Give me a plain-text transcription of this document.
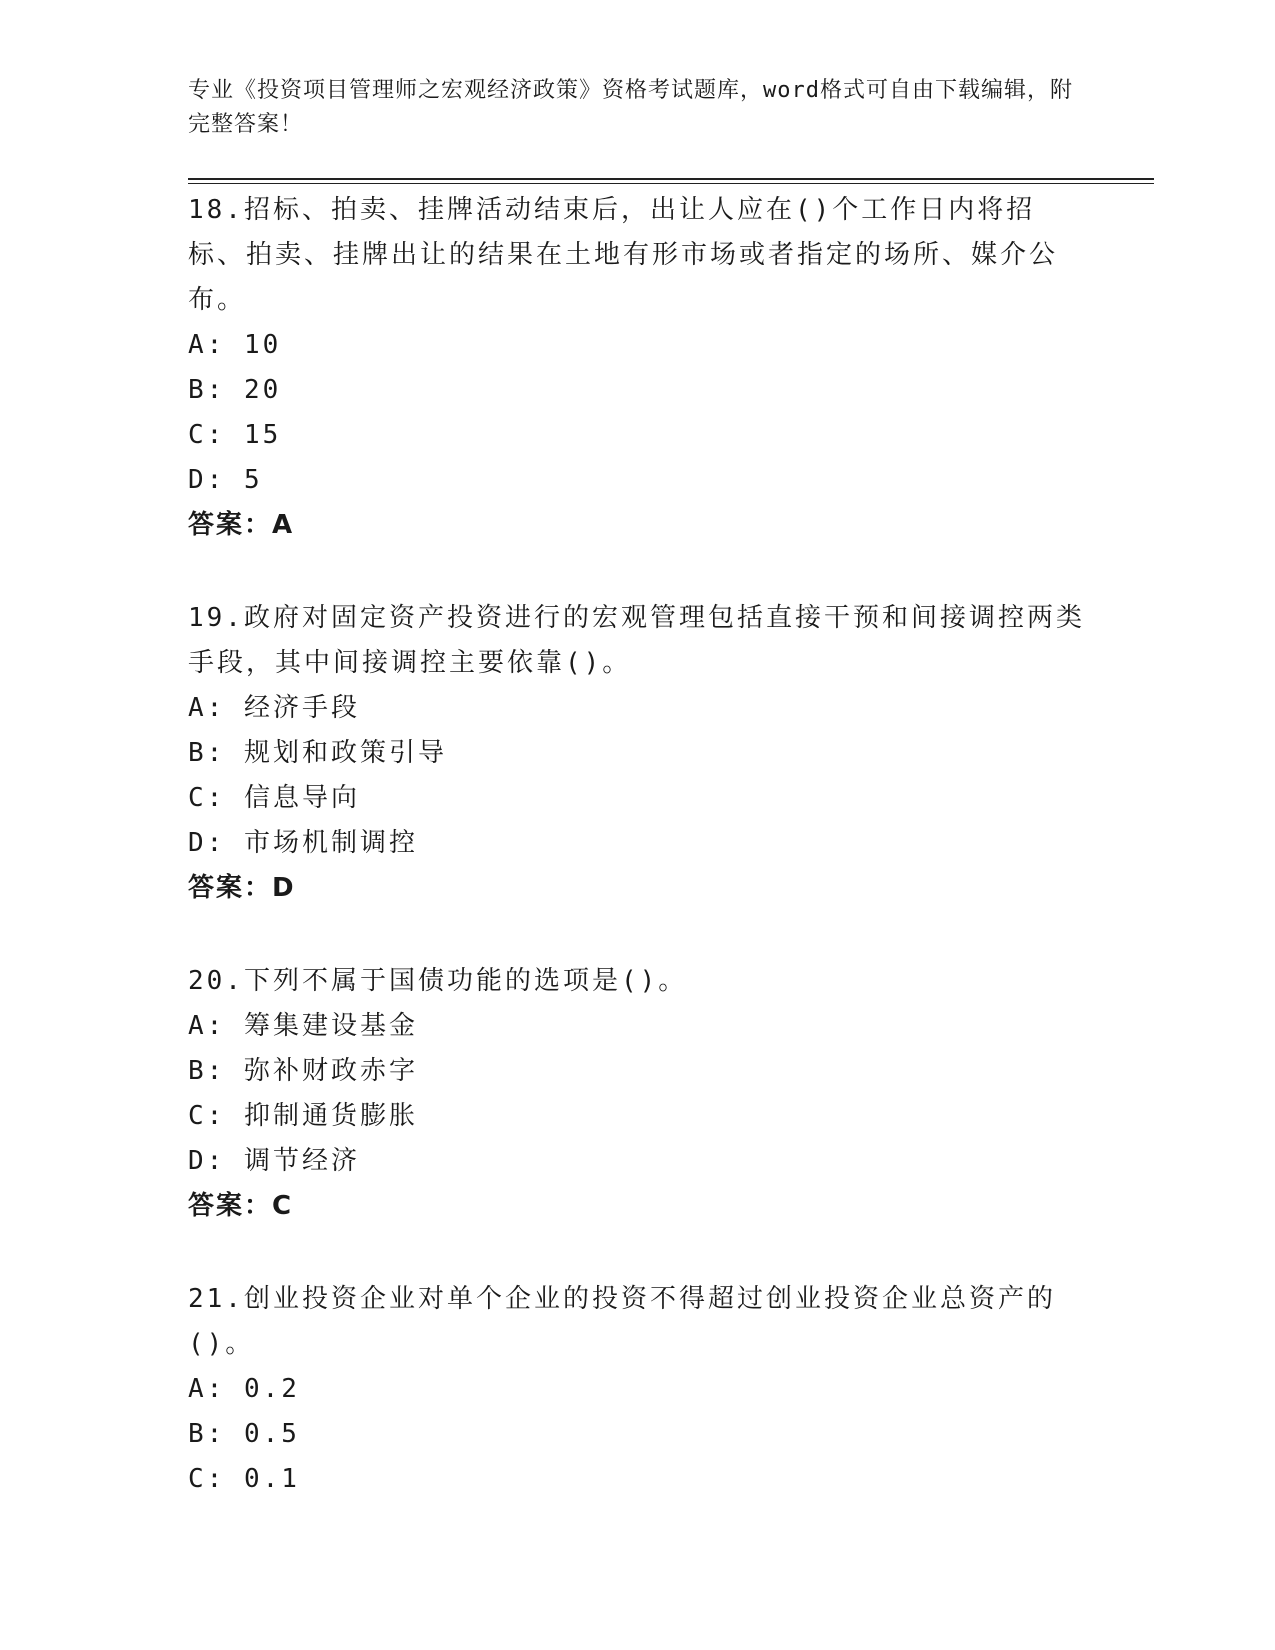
专业《投资项目管理师之宏观经济政策》资格考试题库，word格式可自由下载编辑，附完整答案！
18.招标、拍卖、挂牌活动结束后，出让人应在()个工作日内将招标、拍卖、挂牌出让的结果在土地有形市场或者指定的场所、媒介公布。
A: 10
B: 20
C: 15
D: 5
答案：A
19.政府对固定资产投资进行的宏观管理包括直接干预和间接调控两类手段，其中间接调控主要依靠()。
A: 经济手段
B: 规划和政策引导
C: 信息导向
D: 市场机制调控
答案：D
20.下列不属于国债功能的选项是()。
A: 筹集建设基金
B: 弥补财政赤字
C: 抑制通货膨胀
D: 调节经济
答案：C
21.创业投资企业对单个企业的投资不得超过创业投资企业总资产的()。
A: 0.2
B: 0.5
C: 0.1
